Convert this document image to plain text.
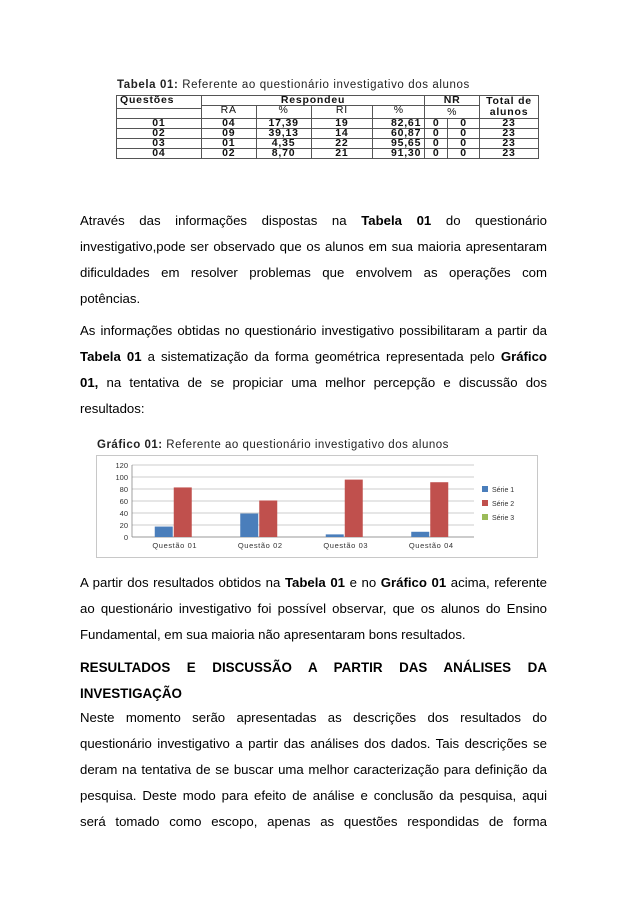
Tabela 01: Referente ao questionário investigativo dos alunos
Questões	Respondeu				NR		Total de alunos
	RA	%	RI	%	%		

01	04	17,39	19	82,61	0	0	23
02	09	39,13	14	60,87	0	0	23
03	01	4,35	22	95,65	0	0	23
04	02	8,70	21	91,30	0	0	23
Através das informações dispostas na Tabela 01 do questionário
investigativo,pode ser observado que os alunos em sua maioria apresentaram
dificuldades em resolver problemas que envolvem as operações com
potências.
As informações obtidas no questionário investigativo possibilitaram a partir da
Tabela 01 a sistematização da forma geométrica representada pelo Gráfico
01, na tentativa de se propiciar uma melhor percepção e discussão dos
resultados:
Gráfico 01: Referente ao questionário investigativo dos alunos
0
20
40
60
80
100
120
Questão 01	Questão 02	Questão 03	Questão 04
Série 1
Série 2
Série 3
A partir dos resultados obtidos na Tabela 01 e no Gráfico 01 acima, referente
ao questionário investigativo foi possível observar, que os alunos do Ensino
Fundamental, em sua maioria não apresentaram bons resultados.
RESULTADOS E DISCUSSÃO A PARTIR DAS ANÁLISES DA
INVESTIGAÇÃO
Neste momento serão apresentadas as descrições dos resultados do
questionário investigativo a partir das análises dos dados. Tais descrições se
deram na tentativa de se buscar uma melhor caracterização para definição da
pesquisa. Deste modo para efeito de análise e conclusão da pesquisa, aqui
será tomado como escopo, apenas as questões respondidas de forma
